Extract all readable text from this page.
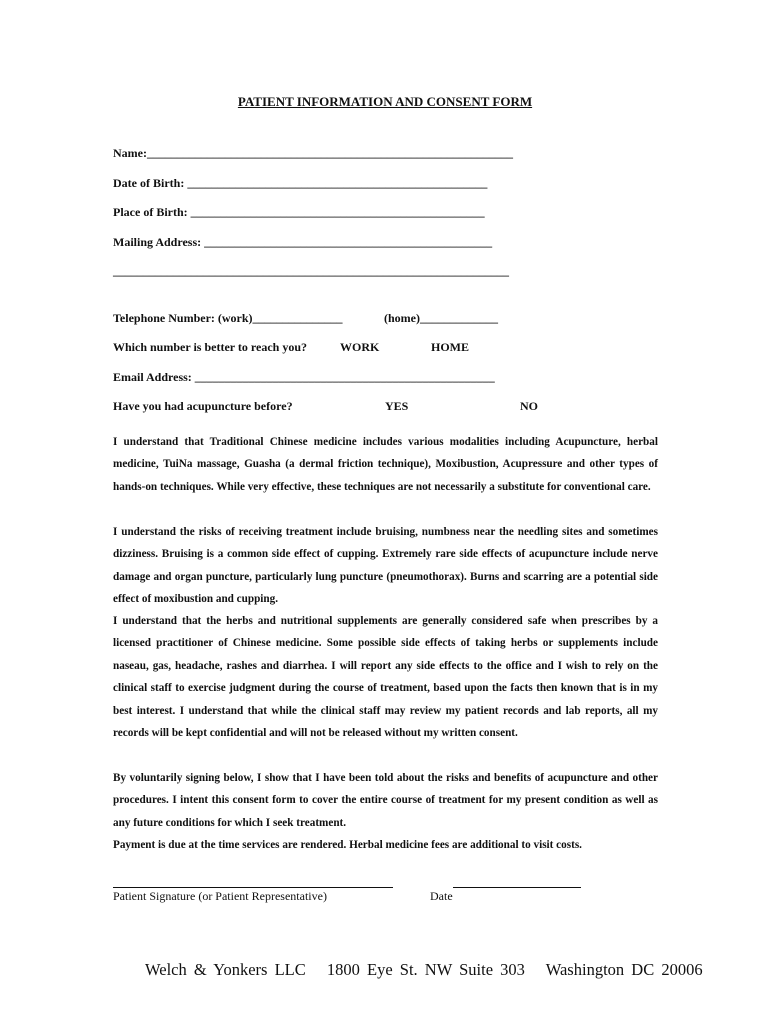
PATIENT INFORMATION AND CONSENT FORM
Name:_____________________________________________________________
Date of Birth: __________________________________________________
Place of Birth: _________________________________________________
Mailing Address: ________________________________________________
__________________________________________________________________
Telephone Number: (work)_______________	(home)_____________
Which number is better to reach you?	WORK	HOME
Email Address: __________________________________________________
Have you had acupuncture before?	YES	NO
I understand that Traditional Chinese medicine includes various modalities including Acupuncture, herbal medicine, TuiNa massage, Guasha (a dermal friction technique), Moxibustion, Acupressure and other types of hands-on techniques. While very effective, these techniques are not necessarily a substitute for conventional care.
I understand the risks of receiving treatment include bruising, numbness near the needling sites and sometimes dizziness. Bruising is a common side effect of cupping. Extremely rare side effects of acupuncture include nerve damage and organ puncture, particularly lung puncture (pneumothorax). Burns and scarring are a potential side effect of moxibustion and cupping.
I understand that the herbs and nutritional supplements are generally considered safe when prescribes by a licensed practitioner of Chinese medicine. Some possible side effects of taking herbs or supplements include naseau, gas, headache, rashes and diarrhea. I will report any side effects to the office and I wish to rely on the clinical staff to exercise judgment during the course of treatment, based upon the facts then known that is in my best interest. I understand that while the clinical staff may review my patient records and lab reports, all my records will be kept confidential and will not be released without my written consent.
By voluntarily signing below, I show that I have been told about the risks and benefits of acupuncture and other procedures. I intent this consent form to cover the entire course of treatment for my present condition as well as any future conditions for which I seek treatment.
Payment is due at the time services are rendered. Herbal medicine fees are additional to visit costs.
Patient Signature (or Patient Representative)	Date
Welch & Yonkers LLC 1800 Eye St. NW Suite 303 Washington DC 20006
